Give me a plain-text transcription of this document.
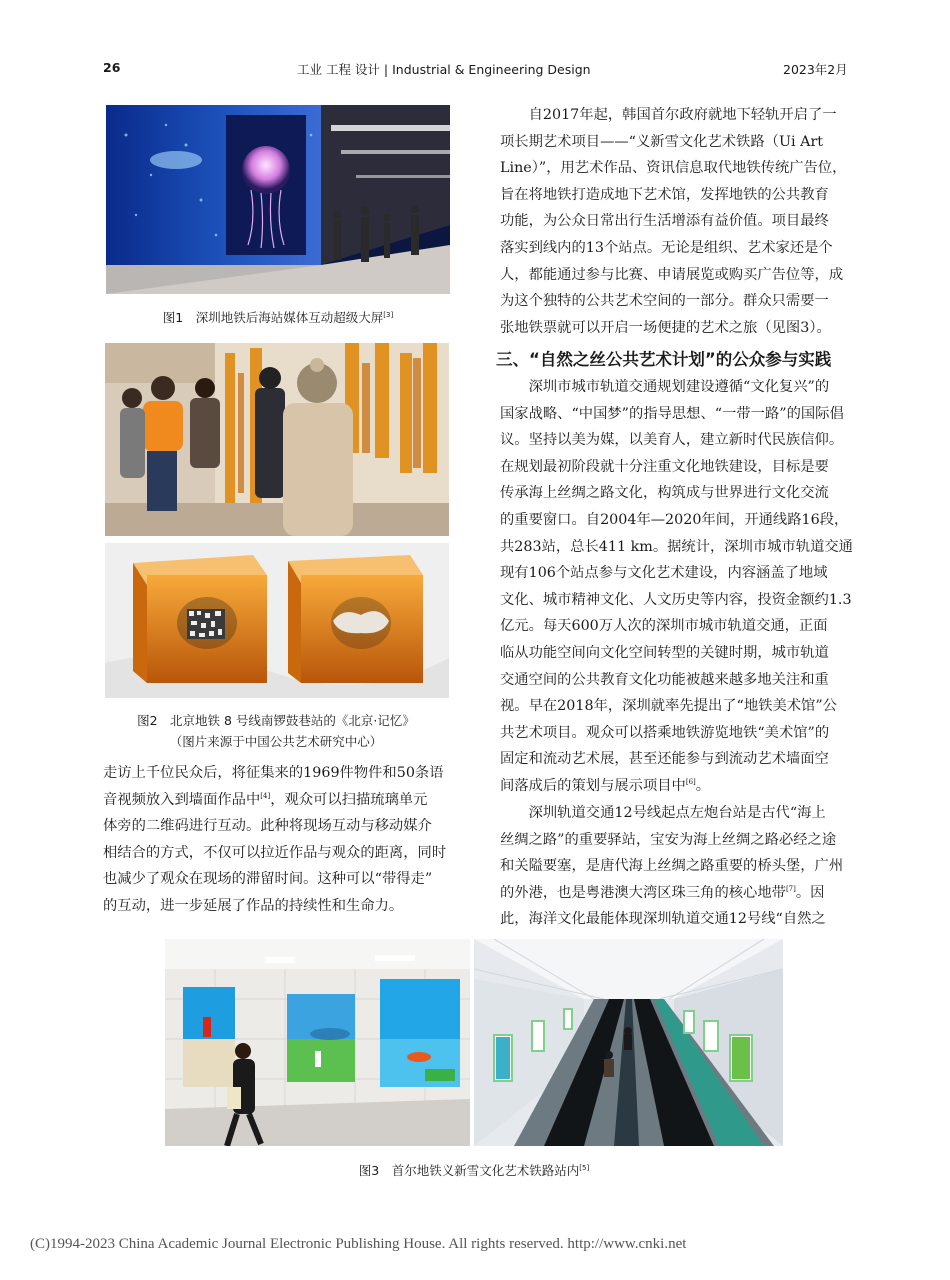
26	工业 工程 设计 | Industrial & Engineering Design	2023年2月
图1　深圳地铁后海站媒体互动超级大屏[3]
图2　北京地铁 8 号线南锣鼓巷站的《北京·记忆》
（图片来源于中国公共艺术研究中心）
走访上千位民众后，将征集来的1969件物件和50条语
音视频放入到墙面作品中[4]，观众可以扫描琉璃单元
体旁的二维码进行互动。此种将现场互动与移动媒介
相结合的方式，不仅可以拉近作品与观众的距离，同时
也减少了观众在现场的滞留时间。这种可以“带得走”
的互动，进一步延展了作品的持续性和生命力。
　　自2017年起，韩国首尔政府就地下轻轨开启了一
项长期艺术项目——“义新雪文化艺术铁路（Ui Art
Line）”，用艺术作品、资讯信息取代地铁传统广告位，
旨在将地铁打造成地下艺术馆，发挥地铁的公共教育
功能，为公众日常出行生活增添有益价值。项目最终
落实到线内的13个站点。无论是组织、艺术家还是个
人，都能通过参与比赛、申请展览或购买广告位等，成
为这个独特的公共艺术空间的一部分。群众只需要一
张地铁票就可以开启一场便捷的艺术之旅（见图3）。
三、“自然之丝公共艺术计划”的公众参与实践
　　深圳市城市轨道交通规划建设遵循“文化复兴”的
国家战略、“中国梦”的指导思想、“一带一路”的国际倡
议。坚持以美为媒，以美育人，建立新时代民族信仰。
在规划最初阶段就十分注重文化地铁建设，目标是要
传承海上丝绸之路文化，构筑成与世界进行文化交流
的重要窗口。自2004年—2020年间，开通线路16段，
共283站，总长411 km。据统计，深圳市城市轨道交通
现有106个站点参与文化艺术建设，内容涵盖了地域
文化、城市精神文化、人文历史等内容，投资金额约1.3
亿元。每天600万人次的深圳市城市轨道交通，正面
临从功能空间向文化空间转型的关键时期，城市轨道
交通空间的公共教育文化功能被越来越多地关注和重
视。早在2018年，深圳就率先提出了“地铁美术馆”公
共艺术项目。观众可以搭乘地铁游览地铁“美术馆”的
固定和流动艺术展，甚至还能参与到流动艺术墙面空
间落成后的策划与展示项目中[6]。
　　深圳轨道交通12号线起点左炮台站是古代“海上
丝绸之路”的重要驿站，宝安为海上丝绸之路必经之途
和关隘要塞，是唐代海上丝绸之路重要的桥头堡，广州
的外港，也是粤港澳大湾区珠三角的核心地带[7]。因
此，海洋文化最能体现深圳轨道交通12号线“自然之
图3　首尔地铁义新雪文化艺术铁路站内[5]
(C)1994-2023 China Academic Journal Electronic Publishing House. All rights reserved. http://www.cnki.net
